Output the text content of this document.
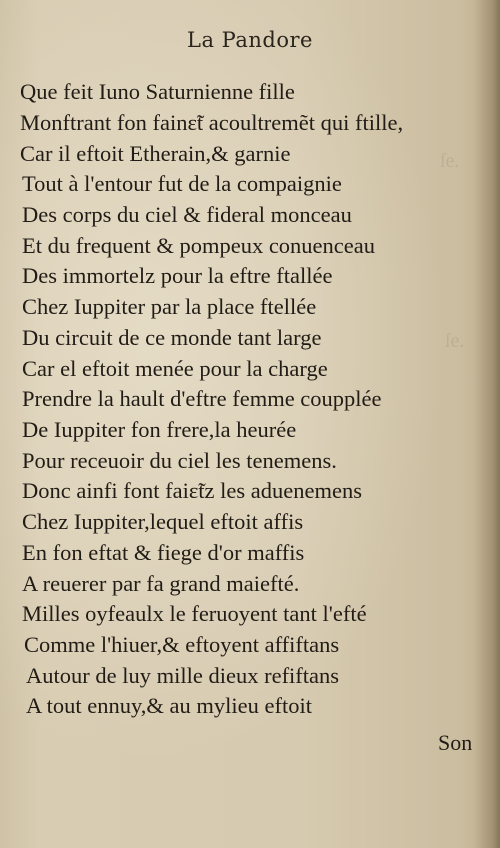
ſe.
ſe.
La Pandore
Que feit Iuno Saturnienne fille
Monftrant fon fainɛ̃t acoultremẽt qui ftille,
Car il eftoit Etherain,& garnie
Tout à l'entour fut de la compaignie
Des corps du ciel & fideral monceau
Et du frequent & pompeux conuenceau
Des immortelz pour la eftre ftallée
Chez Iuppiter par la place ftellée
Du circuit de ce monde tant large
Car el eftoit menée pour la charge
Prendre la hault d'eftre femme coupplée
De Iuppiter fon frere,la heurée
Pour receuoir du ciel les tenemens.
Donc ainfi font faiɛ̃tz les aduenemens
Chez Iuppiter,lequel eftoit affis
En fon eftat & fiege d'or maffis
A reuerer par fa grand maiefté.
Milles oyfeaulx le feruoyent tant l'efté
Comme l'hiuer,& eftoyent affiftans
Autour de luy mille dieux refiftans
A tout ennuy,& au mylieu eftoit
Son
